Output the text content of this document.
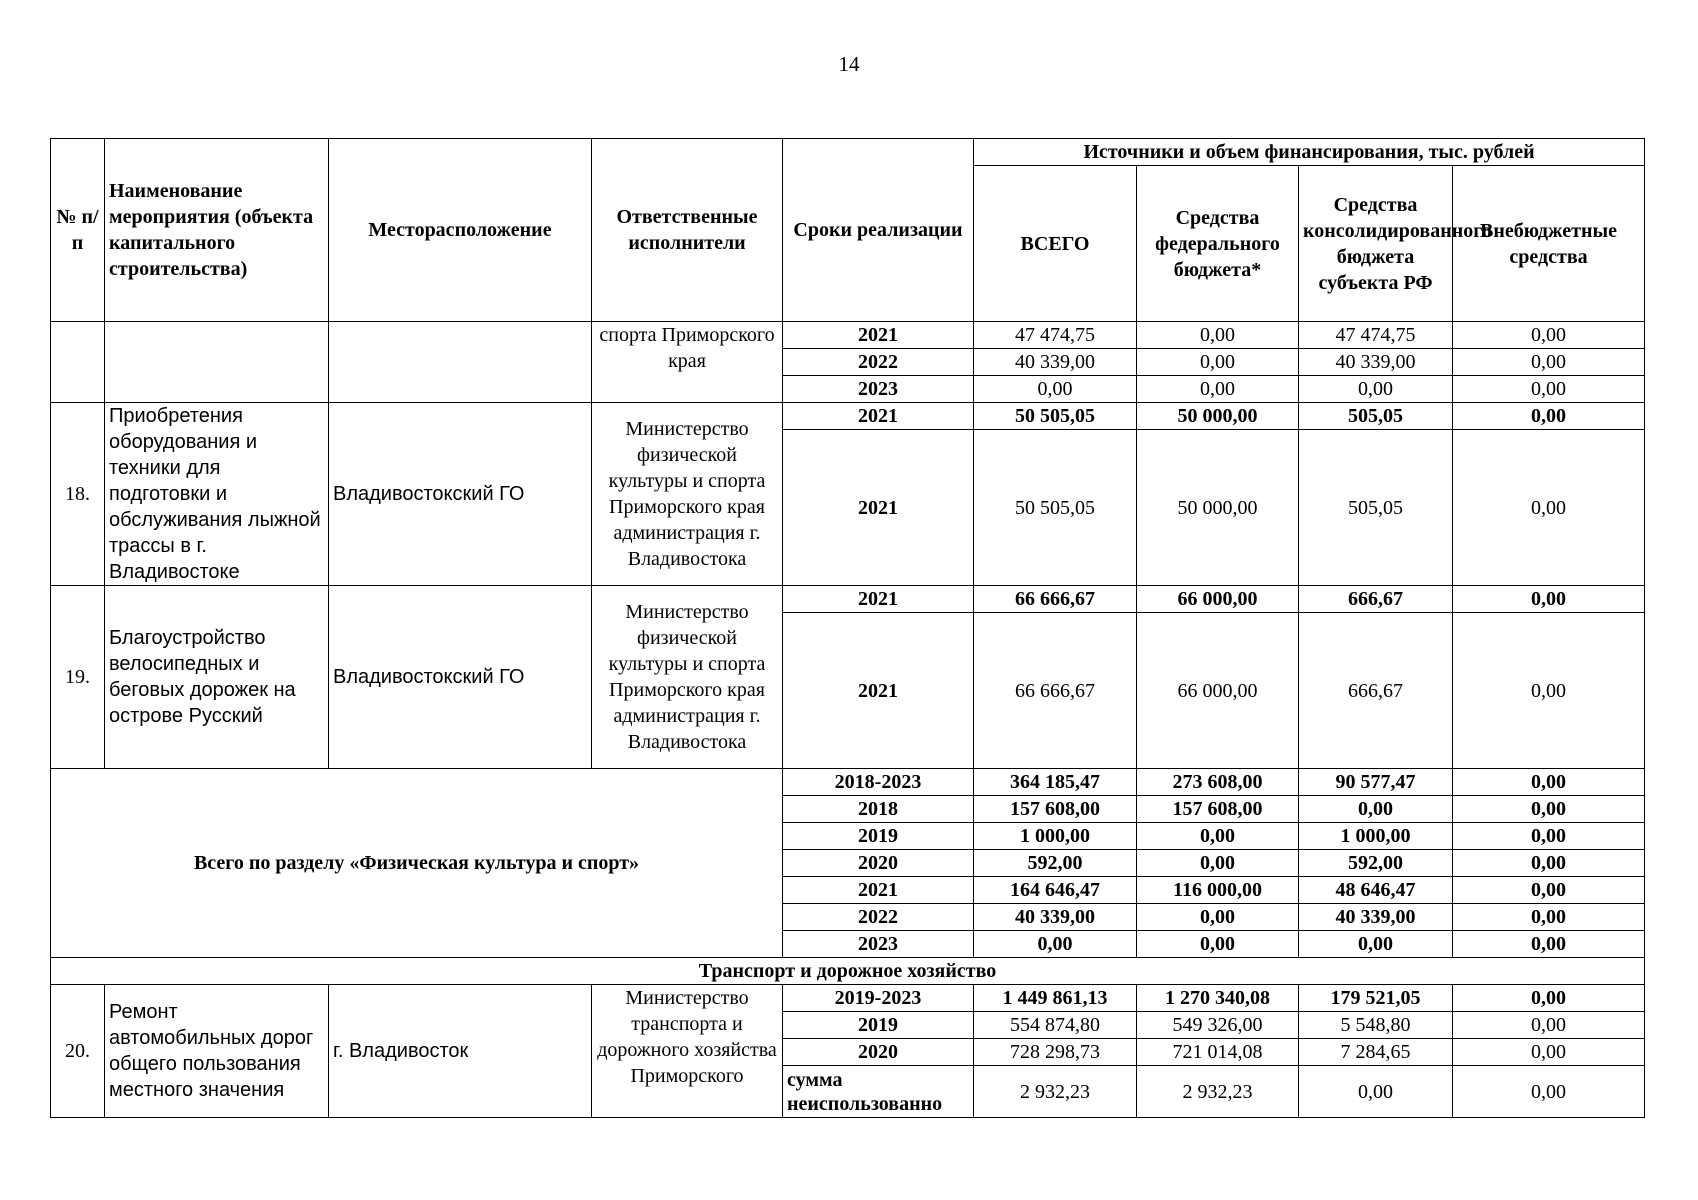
14
№ п/п	Наименование мероприятия (объекта капитального строительства)	Месторасположение	Ответственные исполнители	Сроки реализации	Источники и объем финансирования, тыс. рублей			
					ВСЕГО	Средства федерального бюджета*	Средства консолидированного бюджета субъекта РФ	Внебюджетные средства
			спорта Приморского края	2021	47 474,75	0,00	47 474,75	0,00
				2022	40 339,00	0,00	40 339,00	0,00
				2023	0,00	0,00	0,00	0,00
18.	Приобретения оборудования и техники для подготовки и обслуживания лыжной трассы в г. Владивостоке	Владивостокский ГО	Министерство физической культуры и спорта Приморского края администрация г. Владивостока	2021	50 505,05	50 000,00	505,05	0,00
				2021	50 505,05	50 000,00	505,05	0,00
19.	Благоустройство велосипедных и беговых дорожек на острове Русский	Владивостокский ГО	Министерство физической культуры и спорта Приморского края администрация г. Владивостока	2021	66 666,67	66 000,00	666,67	0,00
				2021	66 666,67	66 000,00	666,67	0,00
Всего по разделу «Физическая культура и спорт»				2018-2023	364 185,47	273 608,00	90 577,47	0,00
				2018	157 608,00	157 608,00	0,00	0,00
				2019	1 000,00	0,00	1 000,00	0,00
				2020	592,00	0,00	592,00	0,00
				2021	164 646,47	116 000,00	48 646,47	0,00
				2022	40 339,00	0,00	40 339,00	0,00
				2023	0,00	0,00	0,00	0,00
Транспорт и дорожное хозяйство								
20.	Ремонт автомобильных дорог общего пользования местного значения	г. Владивосток	Министерство транспорта и дорожного хозяйства Приморского	2019-2023	1 449 861,13	1 270 340,08	179 521,05	0,00
				2019	554 874,80	549 326,00	5 548,80	0,00
				2020	728 298,73	721 014,08	7 284,65	0,00
				сумма неиспользованно	2 932,23	2 932,23	0,00	0,00
